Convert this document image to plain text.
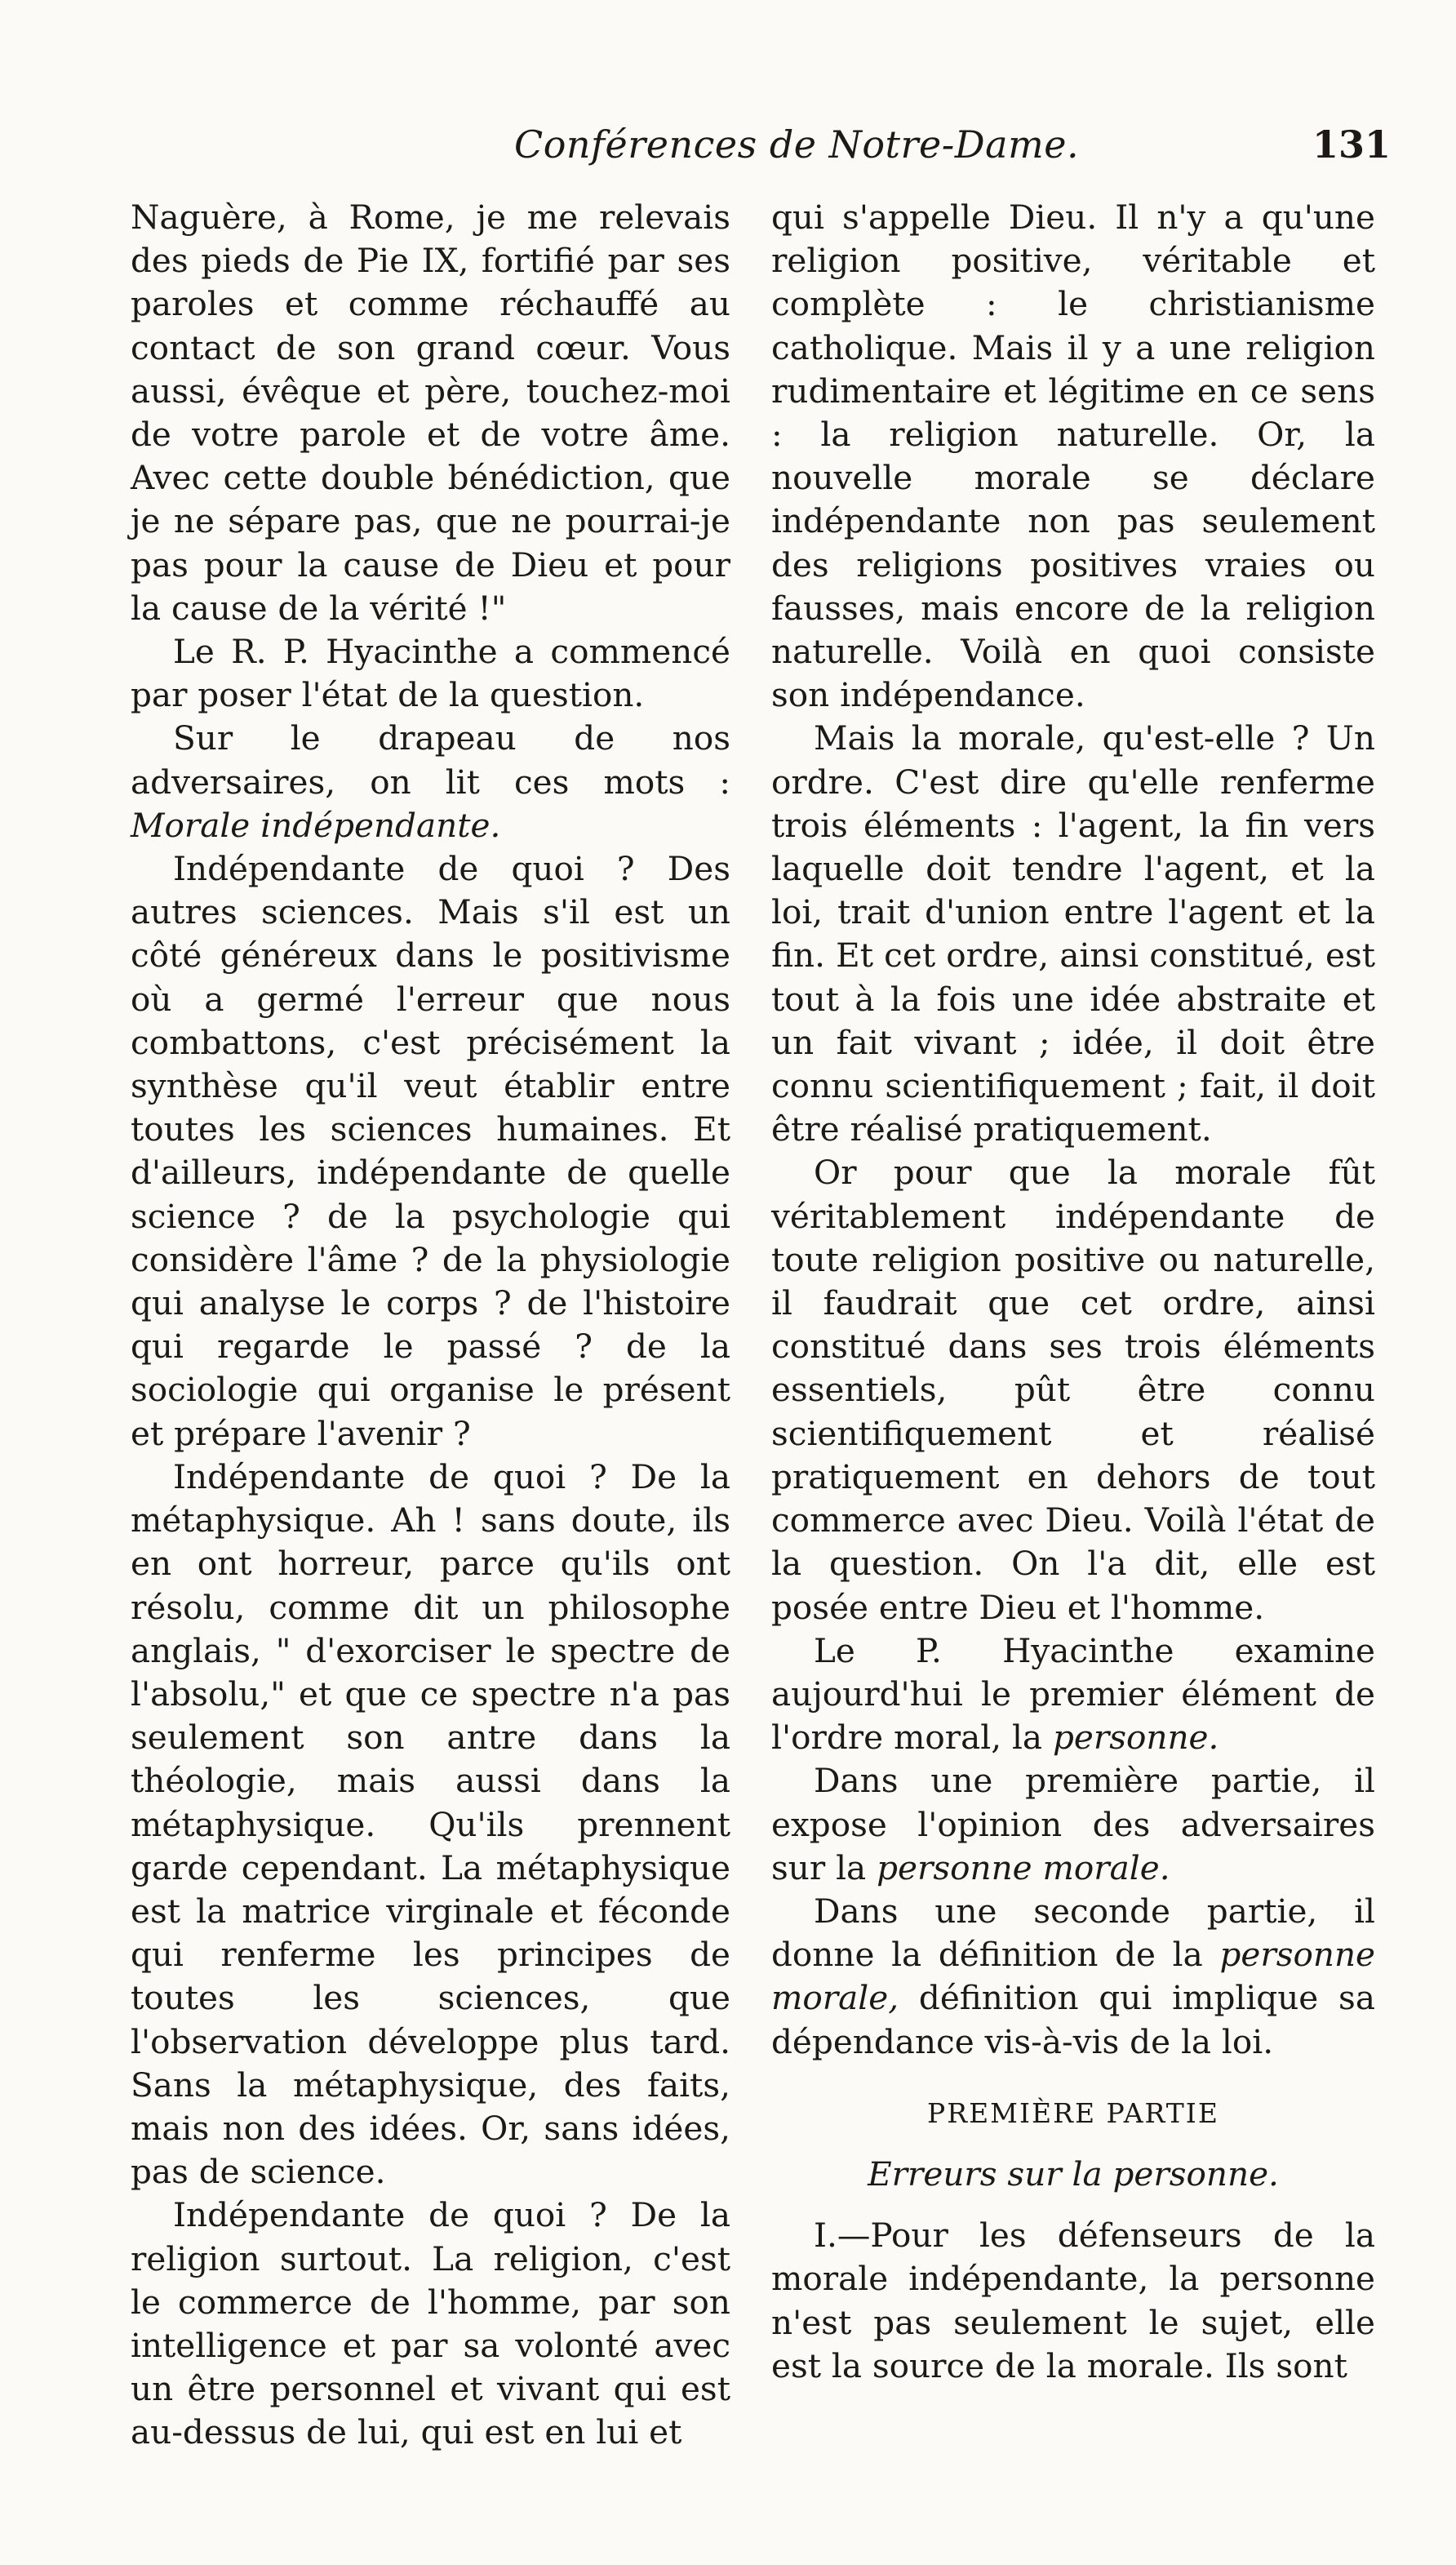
Conférences de Notre-Dame.	131

Naguère, à Rome, je me relevais des pieds de Pie IX, fortifié par ses paroles et comme réchauffé au contact de son grand cœur. Vous aussi, évêque et père, touchez-moi de votre parole et de votre âme. Avec cette double bénédiction, que je ne sépare pas, que ne pourrai-je pas pour la cause de Dieu et pour la cause de la vérité !"

Le R. P. Hyacinthe a commencé par poser l'état de la question.

Sur le drapeau de nos adversaires, on lit ces mots : Morale indépendante.

Indépendante de quoi ? Des autres sciences. Mais s'il est un côté généreux dans le positivisme où a germé l'erreur que nous combattons, c'est précisément la synthèse qu'il veut établir entre toutes les sciences humaines. Et d'ailleurs, indépendante de quelle science ? de la psychologie qui considère l'âme ? de la physiologie qui analyse le corps ? de l'histoire qui regarde le passé ? de la sociologie qui organise le présent et prépare l'avenir ?

Indépendante de quoi ? De la métaphysique. Ah ! sans doute, ils en ont horreur, parce qu'ils ont résolu, comme dit un philosophe anglais, " d'exorciser le spectre de l'absolu," et que ce spectre n'a pas seulement son antre dans la théologie, mais aussi dans la métaphysique. Qu'ils prennent garde cependant. La métaphysique est la matrice virginale et féconde qui renferme les principes de toutes les sciences, que l'observation développe plus tard. Sans la métaphysique, des faits, mais non des idées. Or, sans idées, pas de science.

Indépendante de quoi ? De la religion surtout. La religion, c'est le commerce de l'homme, par son intelligence et par sa volonté avec un être personnel et vivant qui est au-dessus de lui, qui est en lui et

qui s'appelle Dieu. Il n'y a qu'une religion positive, véritable et complète : le christianisme catholique. Mais il y a une religion rudimentaire et légitime en ce sens : la religion naturelle. Or, la nouvelle morale se déclare indépendante non pas seulement des religions positives vraies ou fausses, mais encore de la religion naturelle. Voilà en quoi consiste son indépendance.

Mais la morale, qu'est-elle ? Un ordre. C'est dire qu'elle renferme trois éléments : l'agent, la fin vers laquelle doit tendre l'agent, et la loi, trait d'union entre l'agent et la fin. Et cet ordre, ainsi constitué, est tout à la fois une idée abstraite et un fait vivant ; idée, il doit être connu scientifiquement ; fait, il doit être réalisé pratiquement.

Or pour que la morale fût véritablement indépendante de toute religion positive ou naturelle, il faudrait que cet ordre, ainsi constitué dans ses trois éléments essentiels, pût être connu scientifiquement et réalisé pratiquement en dehors de tout commerce avec Dieu. Voilà l'état de la question. On l'a dit, elle est posée entre Dieu et l'homme.

Le P. Hyacinthe examine aujourd'hui le premier élément de l'ordre moral, la personne.

Dans une première partie, il expose l'opinion des adversaires sur la personne morale.

Dans une seconde partie, il donne la définition de la personne morale, définition qui implique sa dépendance vis-à-vis de la loi.

PREMIÈRE PARTIE

Erreurs sur la personne.

I.—Pour les défenseurs de la morale indépendante, la personne n'est pas seulement le sujet, elle est la source de la morale. Ils sont
